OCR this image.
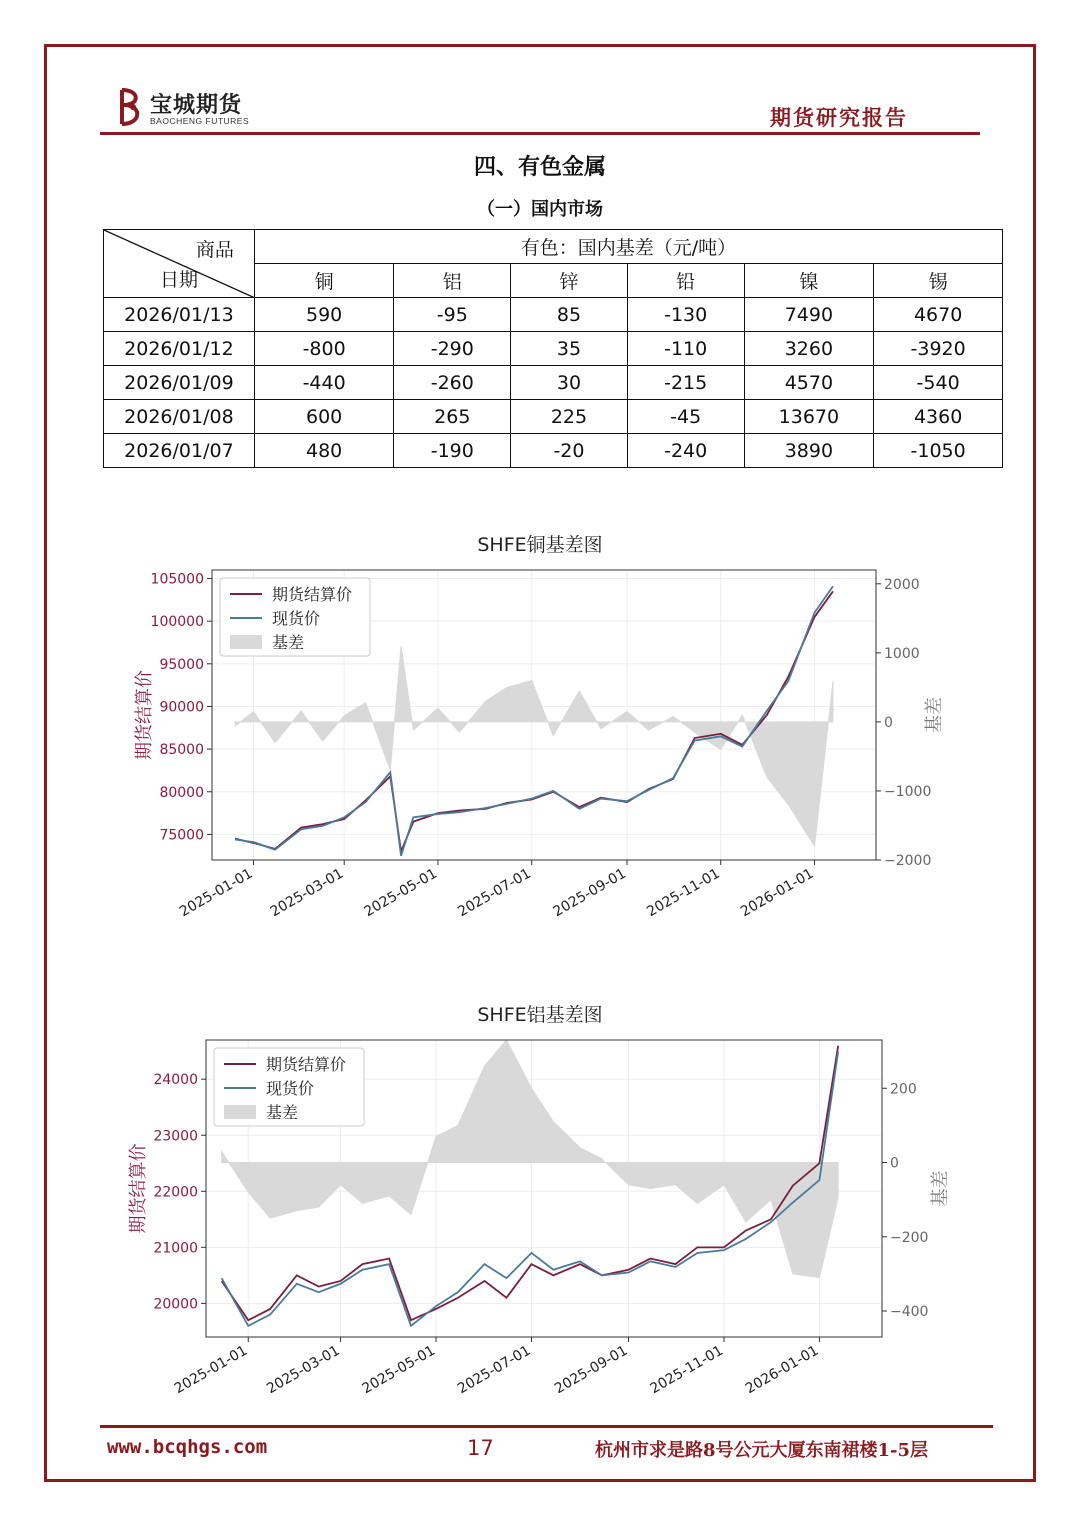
宝城期货
BAOCHENG FUTURES	期货研究报告
四、有色金属
（一）国内市场
商品
日期	有色：国内基差（元/吨）					
	铜	铝	锌	铅	镍	锡
2026/01/13	590	-95	85	-130	7490	4670
2026/01/12	-800	-290	35	-110	3260	-3920
2026/01/09	-440	-260	30	-215	4570	-540
2026/01/08	600	265	225	-45	13670	4360
2026/01/07	480	-190	-20	-240	3890	-1050
SHFE铜基差图
75000
80000
85000
90000
95000
100000
105000
−2000
−1000
0
1000
2000
2025-01-01 2025-03-01 2025-05-01 2025-07-01 2025-09-01 2025-11-01 2026-01-01
期货结算价	基差
期货结算价
现货价
基差
SHFE铝基差图
20000
21000
22000
23000
24000
−400
−200
0
200
2025-01-01 2025-03-01 2025-05-01 2025-07-01 2025-09-01 2025-11-01 2026-01-01
期货结算价	基差
期货结算价
现货价
基差
www.bcqhgs.com	17	杭州市求是路8号公元大厦东南裙楼1-5层
